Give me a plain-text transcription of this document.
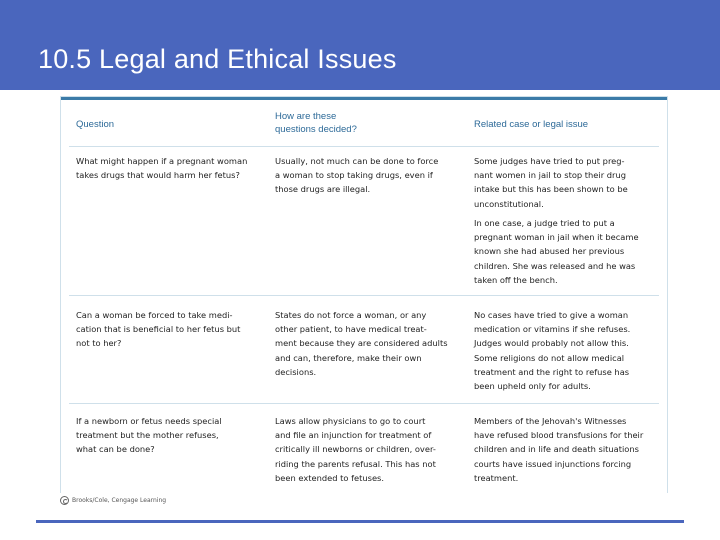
10.5 Legal and Ethical Issues
Question
How are these
questions decided?	Related case or legal issue
What might happen if a pregnant woman
takes drugs that would harm her fetus?
Usually, not much can be done to force
a woman to stop taking drugs, even if
those drugs are illegal.
Some judges have tried to put preg-
nant women in jail to stop their drug
intake but this has been shown to be
unconstitutional.
In one case, a judge tried to put a
pregnant woman in jail when it became
known she had abused her previous
children. She was released and he was
taken off the bench.
Can a woman be forced to take medi-
cation that is beneficial to her fetus but
not to her?
States do not force a woman, or any
other patient, to have medical treat-
ment because they are considered adults
and can, therefore, make their own
decisions.
No cases have tried to give a woman
medication or vitamins if she refuses.
Judges would probably not allow this.
Some religions do not allow medical
treatment and the right to refuse has
been upheld only for adults.
If a newborn or fetus needs special
treatment but the mother refuses,
what can be done?
Laws allow physicians to go to court
and file an injunction for treatment of
critically ill newborns or children, over-
riding the parents refusal. This has not
been extended to fetuses.
Members of the Jehovah's Witnesses
have refused blood transfusions for their
children and in life and death situations
courts have issued injunctions forcing
treatment.
Brooks/Cole, Cengage Learning
